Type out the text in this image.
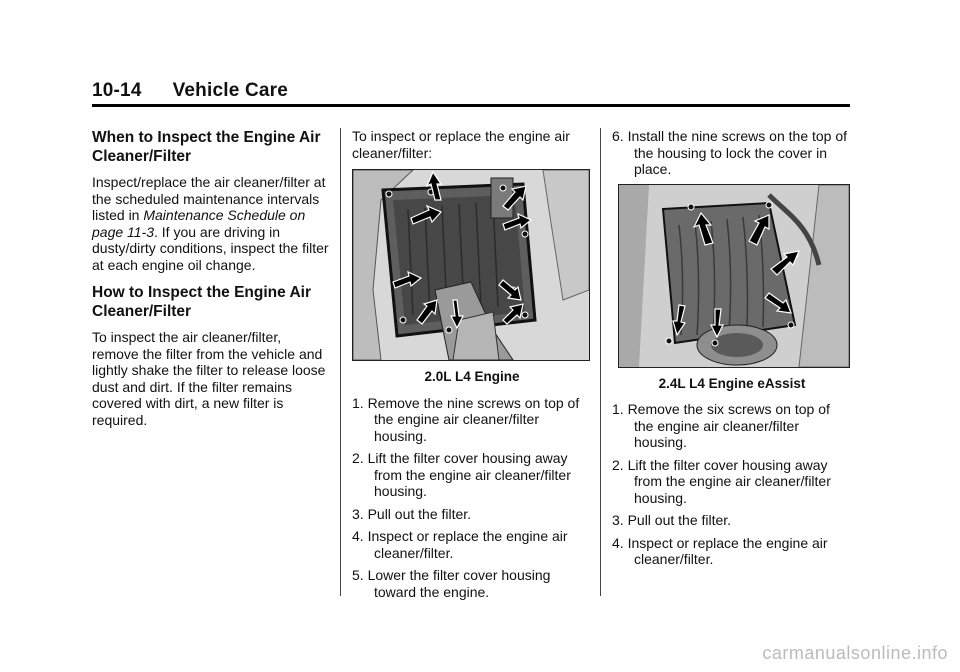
10-14 Vehicle Care
When to Inspect the Engine Air Cleaner/Filter

Inspect/replace the air cleaner/filter at the scheduled maintenance intervals listed in Maintenance Schedule on page 11-3. If you are driving in dusty/dirty conditions, inspect the filter at each engine oil change.

How to Inspect the Engine Air Cleaner/Filter

To inspect the air cleaner/filter, remove the filter from the vehicle and lightly shake the filter to release loose dust and dirt. If the filter remains covered with dirt, a new filter is required.

To inspect or replace the engine air cleaner/filter:

2.0L L4 Engine
1. Remove the nine screws on top of the engine air cleaner/filter housing.
2. Lift the filter cover housing away from the engine air cleaner/filter housing.
3. Pull out the filter.
4. Inspect or replace the engine air cleaner/filter.
5. Lower the filter cover housing toward the engine.
6. Install the nine screws on the top of the housing to lock the cover in place.
2.4L L4 Engine eAssist
1. Remove the six screws on top of the engine air cleaner/filter housing.
2. Lift the filter cover housing away from the engine air cleaner/filter housing.
3. Pull out the filter.
4. Inspect or replace the engine air cleaner/filter.
carmanualsonline.info
